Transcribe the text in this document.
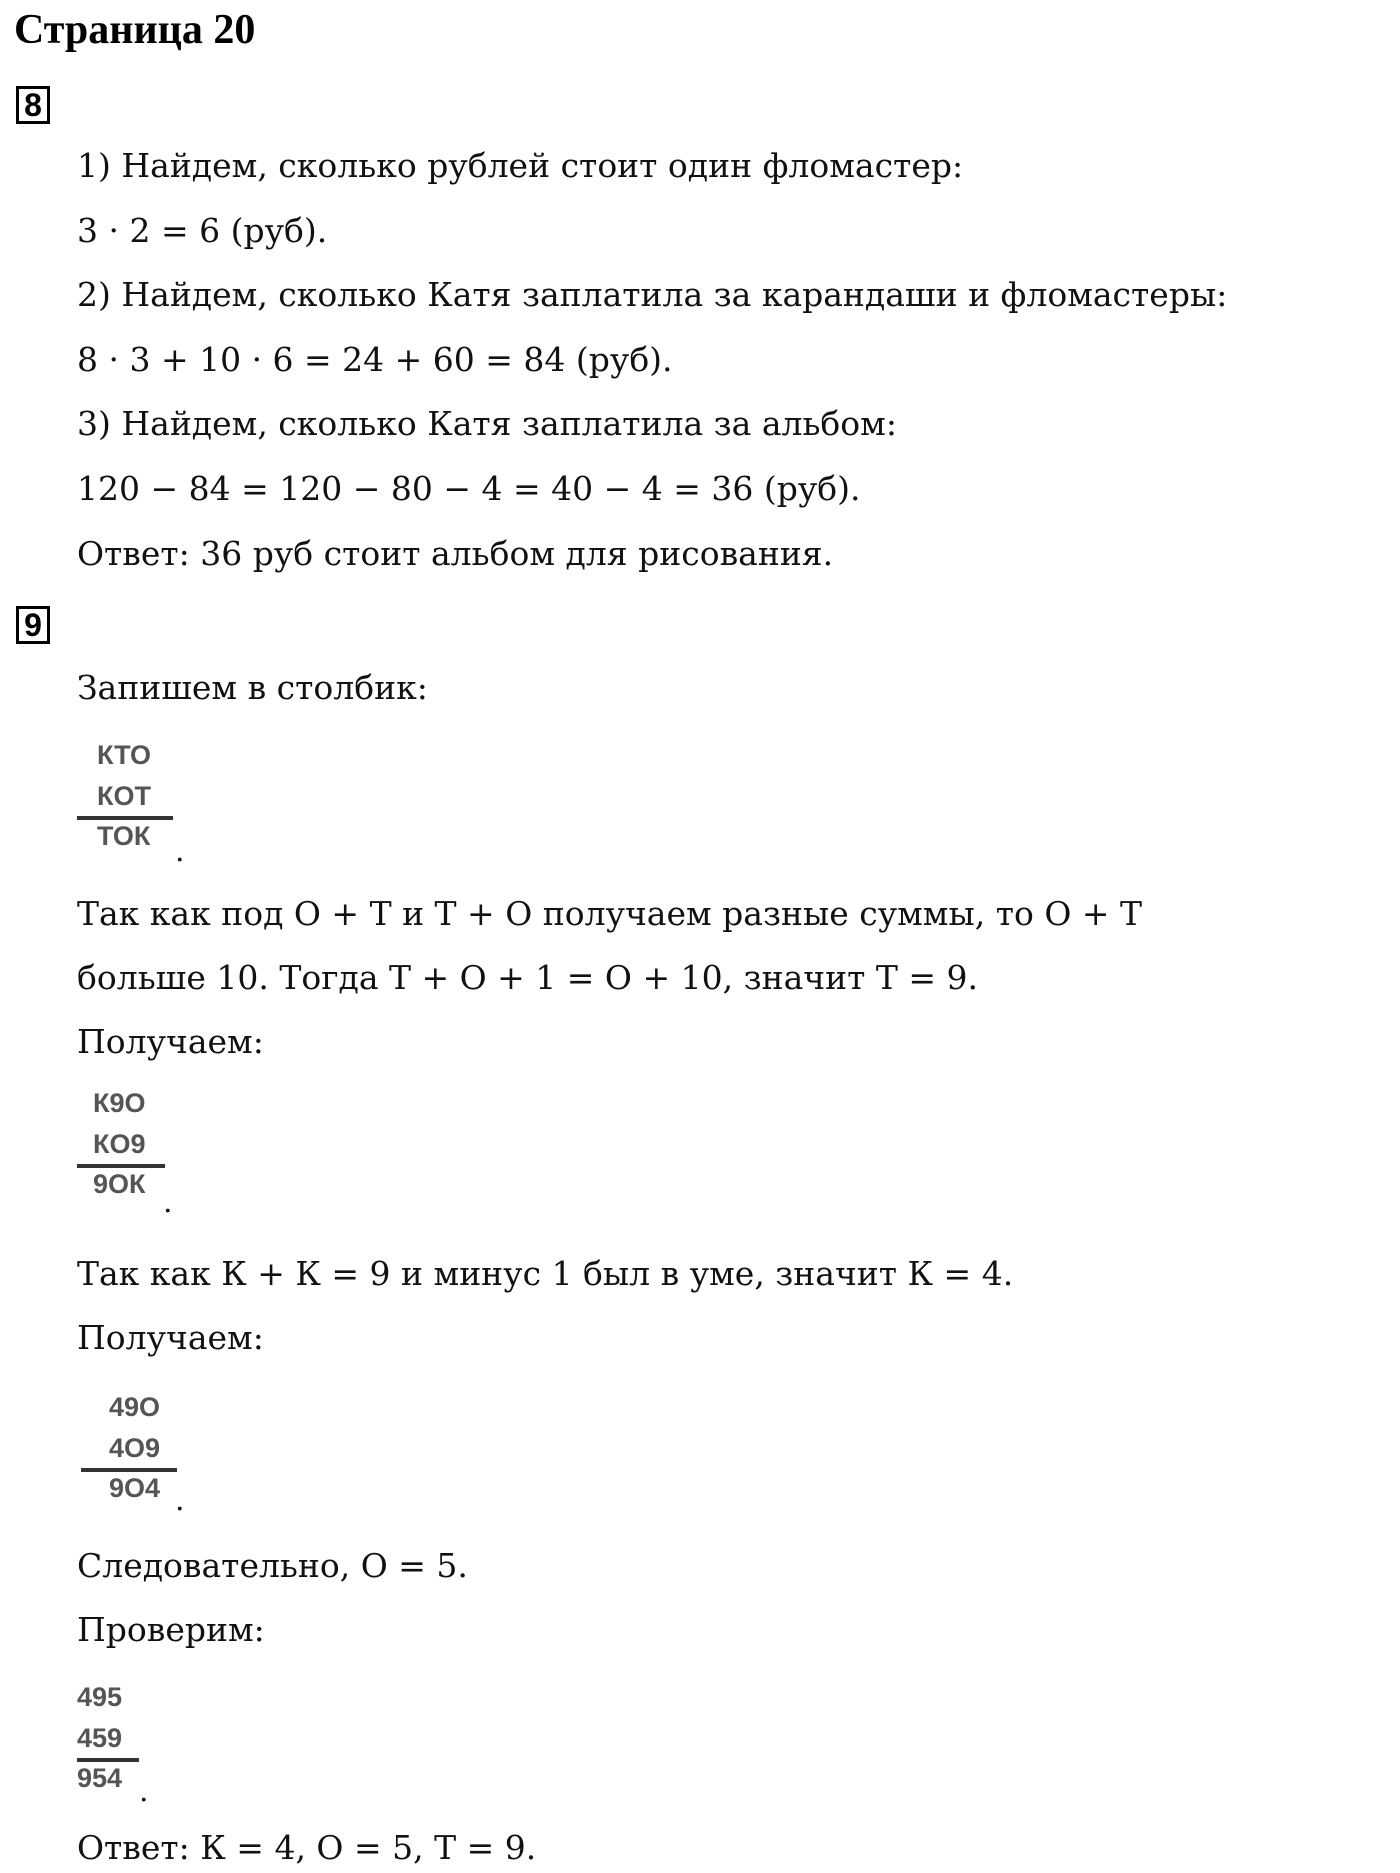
Страница 20
8
1) Найдем, сколько рублей стоит один фломастер:
3 · 2 = 6 (руб).
2) Найдем, сколько Катя заплатила за карандаши и фломастеры:
8 · 3 + 10 · 6 = 24 + 60 = 84 (руб).
3) Найдем, сколько Катя заплатила за альбом:
120 − 84 = 120 − 80 − 4 = 40 − 4 = 36 (руб).
Ответ: 36 руб стоит альбом для рисования.
9
Запишем в столбик:
КТО
КОТ
ТОК .
Так как под О + Т и Т + О получаем разные суммы, то О + Т
больше 10. Тогда Т + О + 1 = О + 10, значит Т = 9.
Получаем:
К9О
КО9
9ОК
.
Так как К + К = 9 и минус 1 был в уме, значит К = 4.
Получаем:
49О
4О9
9О4 .
Следовательно, О = 5.
Проверим:
495
459
954 .
Ответ: К = 4, О = 5, Т = 9.
